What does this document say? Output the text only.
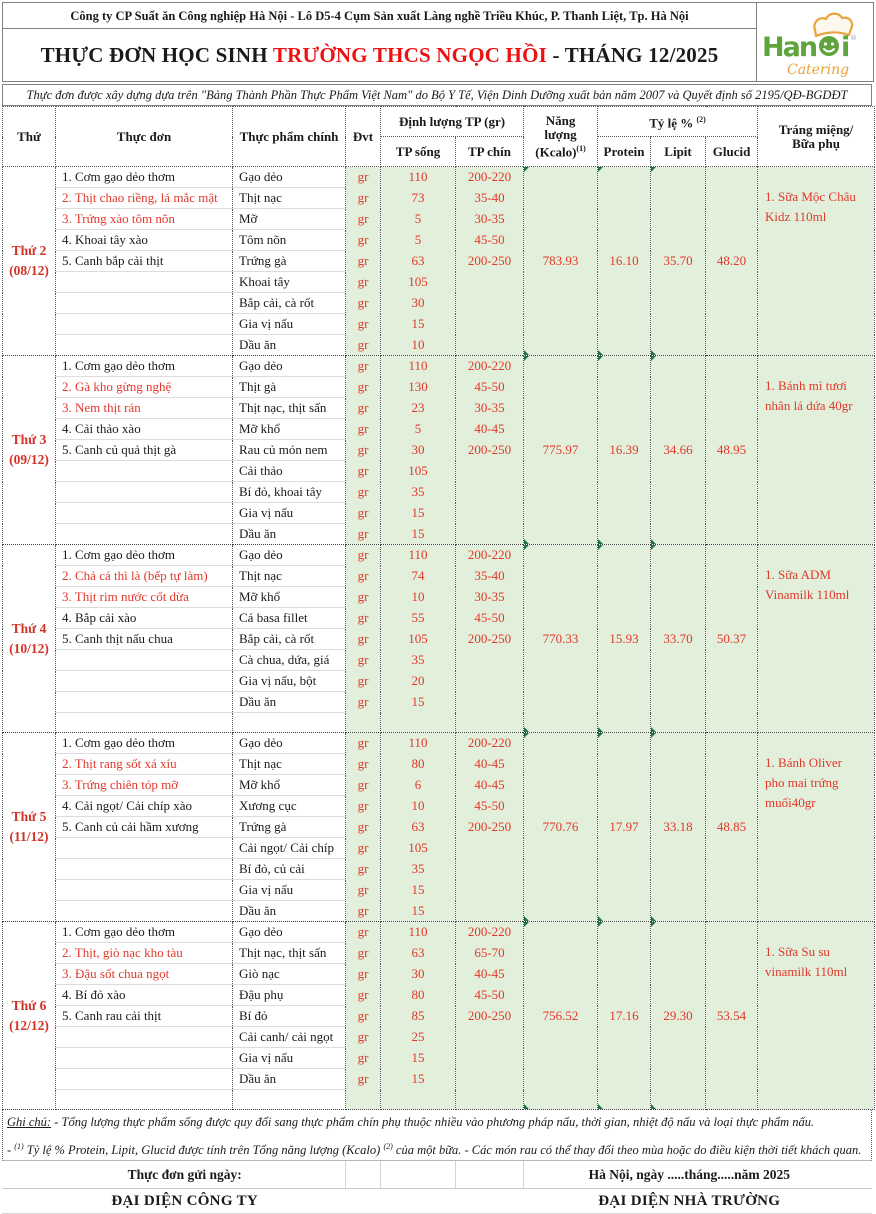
Công ty CP Suất ăn Công nghiệp Hà Nội - Lô D5-4 Cụm Sản xuất Làng nghề Triều Khúc, P. Thanh Liệt, Tp. Hà Nội
THỰC ĐƠN HỌC SINH TRƯỜNG THCS NGỌC HỒI - THÁNG 12/2025	Han i ®
Catering
Thực đơn được xây dựng dựa trên "Bảng Thành Phần Thực Phẩm Việt Nam" do Bộ Y Tế, Viện Dinh Dưỡng xuất bản năm 2007 và Quyết định số 2195/QĐ-BGDĐT
Thứ	Thực đơn	Thực phẩm chính	Đvt	Định lượng TP (gr)		Năng
lượng
(Kcalo)$^{(1)}$	Tỷ lệ % $^{(2)}$			Tráng miệng/
Bữa phụ
				TP sống	TP chín		Protein	Lipit	Glucid	

Thứ 2
(08/12)
	1. Cơm gạo dẻo thơm	Gạo dẻo	gr	110	200-220	783.93	16.10	35.70	48.20	
1. Sữa Mộc Châu
Kidz 110ml

	2. Thịt chao riềng, lá mắc mật	Thịt nạc	gr	73	35-40					
	3. Trứng xào tôm nõn	Mỡ	gr	5	30-35					
	4. Khoai tây xào	Tôm nõn	gr	5	45-50					
	5. Canh bắp cải thịt	Trứng gà	gr	63	200-250					
		Khoai tây	gr	105						
		Bắp cải, cà rốt	gr	30						
		Gia vị nấu	gr	15						
		Dầu ăn	gr	10						

Thứ 3
(09/12)
	1. Cơm gạo dẻo thơm	Gạo dẻo	gr	110	200-220	775.97	16.39	34.66	48.95	
1. Bánh mì tươi
nhân lá dứa 40gr

	2. Gà kho gừng nghệ	Thịt gà	gr	130	45-50					
	3. Nem thịt rán	Thịt nạc, thịt sấn	gr	23	30-35					
	4. Cải thảo xào	Mỡ khổ	gr	5	40-45					
	5. Canh củ quả thịt gà	Rau củ món nem	gr	30	200-250					
		Cải thảo	gr	105						
		Bí đỏ, khoai tây	gr	35						
		Gia vị nấu	gr	15						
		Dầu ăn	gr	15						

Thứ 4
(10/12)
	1. Cơm gạo dẻo thơm	Gạo dẻo	gr	110	200-220	770.33	15.93	33.70	50.37	
1. Sữa ADM
Vinamilk 110ml

	2. Chả cá thì là (bếp tự làm)	Thịt nạc	gr	74	35-40					
	3. Thịt rim nước cốt dừa	Mỡ khổ	gr	10	30-35					
	4. Bắp cải xào	Cá basa fillet	gr	55	45-50					
	5. Canh thịt nấu chua	Bắp cải, cà rốt	gr	105	200-250					
		Cà chua, dứa, giá	gr	35						
		Gia vị nấu, bột	gr	20						
		Dầu ăn	gr	15						

Thứ 5
(11/12)
	1. Cơm gạo dẻo thơm	Gạo dẻo	gr	110	200-220	770.76	17.97	33.18	48.85	
1. Bánh Oliver
pho mai trứng
muối40gr

	2. Thịt rang sốt xá xíu	Thịt nạc	gr	80	40-45					
	3. Trứng chiên tóp mỡ	Mỡ khổ	gr	6	40-45					
	4. Cải ngọt/ Cải chíp xào	Xương cục	gr	10	45-50					
	5. Canh củ cải hầm xương	Trứng gà	gr	63	200-250					
		Cải ngọt/ Cải chíp	gr	105						
		Bí đỏ, củ cải	gr	35						
		Gia vị nấu	gr	15						
		Dầu ăn	gr	15						

Thứ 6
(12/12)
	1. Cơm gạo dẻo thơm	Gạo dẻo	gr	110	200-220	756.52	17.16	29.30	53.54	
1. Sữa Su su
vinamilk 110ml

	2. Thịt, giò nạc kho tàu	Thịt nạc, thịt sấn	gr	63	65-70					
	3. Đậu sốt chua ngọt	Giò nạc	gr	30	40-45					
	4. Bí đỏ xào	Đậu phụ	gr	80	45-50					
	5. Canh rau cải thịt	Bí đỏ	gr	85	200-250					
		Cải canh/ cải ngọt	gr	25						
		Gia vị nấu	gr	15						
		Dầu ăn	gr	15						

Ghi chú: - Tổng lượng thực phẩm sống được quy đổi sang thực phẩm chín phụ thuộc nhiều vào phương pháp nấu, thời gian, nhiệt độ nấu và loại thực phẩm nấu.
- $^{(1)}$ Tỷ lệ % Protein, Lipit, Glucid được tính trên Tổng năng lượng (Kcalo) $^{(2)}$ của một bữa. - Các món rau có thể thay đổi theo mùa hoặc do điều kiện thời tiết khách quan.
Thực đơn gửi ngày:	Hà Nội, ngày .....tháng.....năm 2025
ĐẠI DIỆN CÔNG TY	ĐẠI DIỆN NHÀ TRƯỜNG
